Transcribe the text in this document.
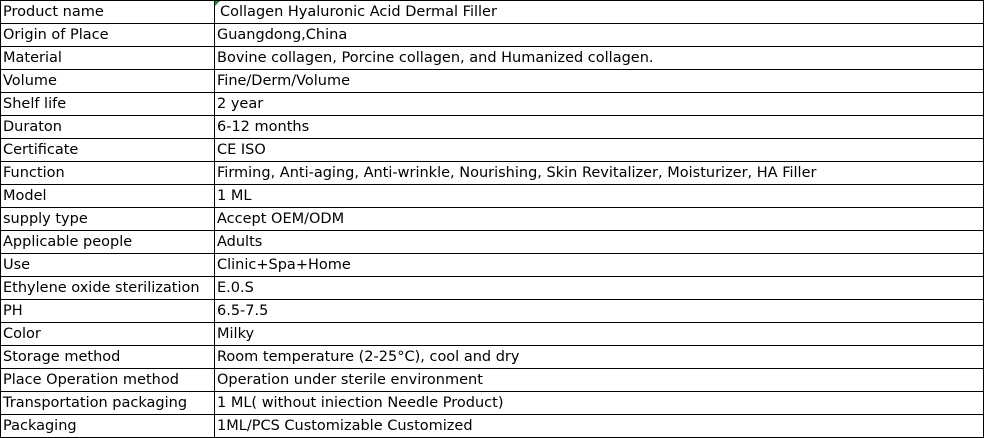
Product name	Collagen Hyaluronic Acid Dermal Filler
Origin of Place	Guangdong,China
Material	Bovine collagen, Porcine collagen, and Humanized collagen.
Volume	Fine/Derm/Volume
Shelf life	2 year
Duraton	6-12 months
Certificate	CE ISO
Function	Firming, Anti-aging, Anti-wrinkle, Nourishing, Skin Revitalizer, Moisturizer, HA Filler
Model	1 ML
supply type	Accept OEM/ODM
Applicable people	Adults
Use	Clinic+Spa+Home
Ethylene oxide sterilization	E.0.S
PH	6.5-7.5
Color	Milky
Storage method	Room temperature (2-25°C), cool and dry
Place Operation method	Operation under sterile environment
Transportation packaging	1 ML( without iniection Needle Product)
Packaging	1ML/PCS Customizable Customized
